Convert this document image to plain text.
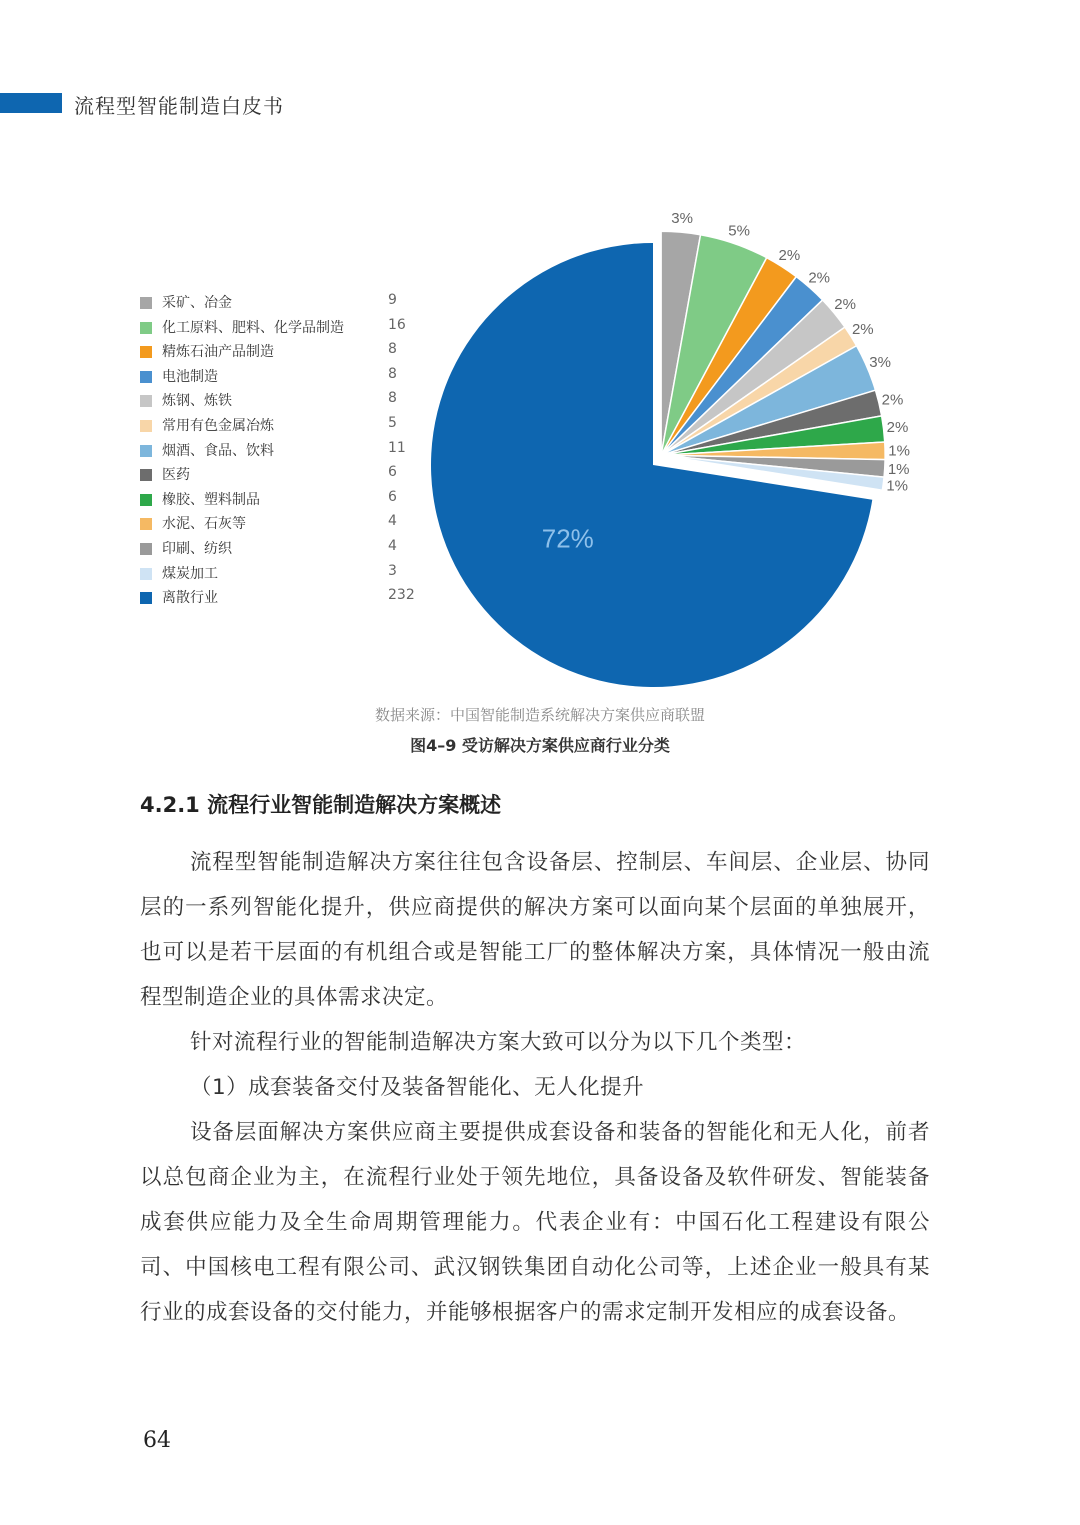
流程型智能制造白皮书
采矿、冶金	9
化工原料、肥料、化学品制造	16
精炼石油产品制造	8
电池制造	8
炼钢、炼铁	8
常用有色金属冶炼	5
烟酒、食品、饮料	11
医药	6
橡胶、塑料制品	6
水泥、石灰等	4
印刷、纺织	4
煤炭加工	3
离散行业	232
3%
5%
2%
2%
2%
2%
3%
2%
2%
1%
1%
1%
72%
数据来源：中国智能制造系统解决方案供应商联盟
图4–9 受访解决方案供应商行业分类
4.2.1 流程行业智能制造解决方案概述

流程型智能制造解决方案往往包含设备层、控制层、车间层、企业层、协同层的一系列智能化提升，供应商提供的解决方案可以面向某个层面的单独展开，也可以是若干层面的有机组合或是智能工厂的整体解决方案，具体情况一般由流程型制造企业的具体需求决定。

针对流程行业的智能制造解决方案大致可以分为以下几个类型：

（1）成套装备交付及装备智能化、无人化提升

设备层面解决方案供应商主要提供成套设备和装备的智能化和无人化，前者以总包商企业为主，在流程行业处于领先地位，具备设备及软件研发、智能装备成套供应能力及全生命周期管理能力。代表企业有：中国石化工程建设有限公司、中国核电工程有限公司、武汉钢铁集团自动化公司等，上述企业一般具有某行业的成套设备的交付能力，并能够根据客户的需求定制开发相应的成套设备。

64
